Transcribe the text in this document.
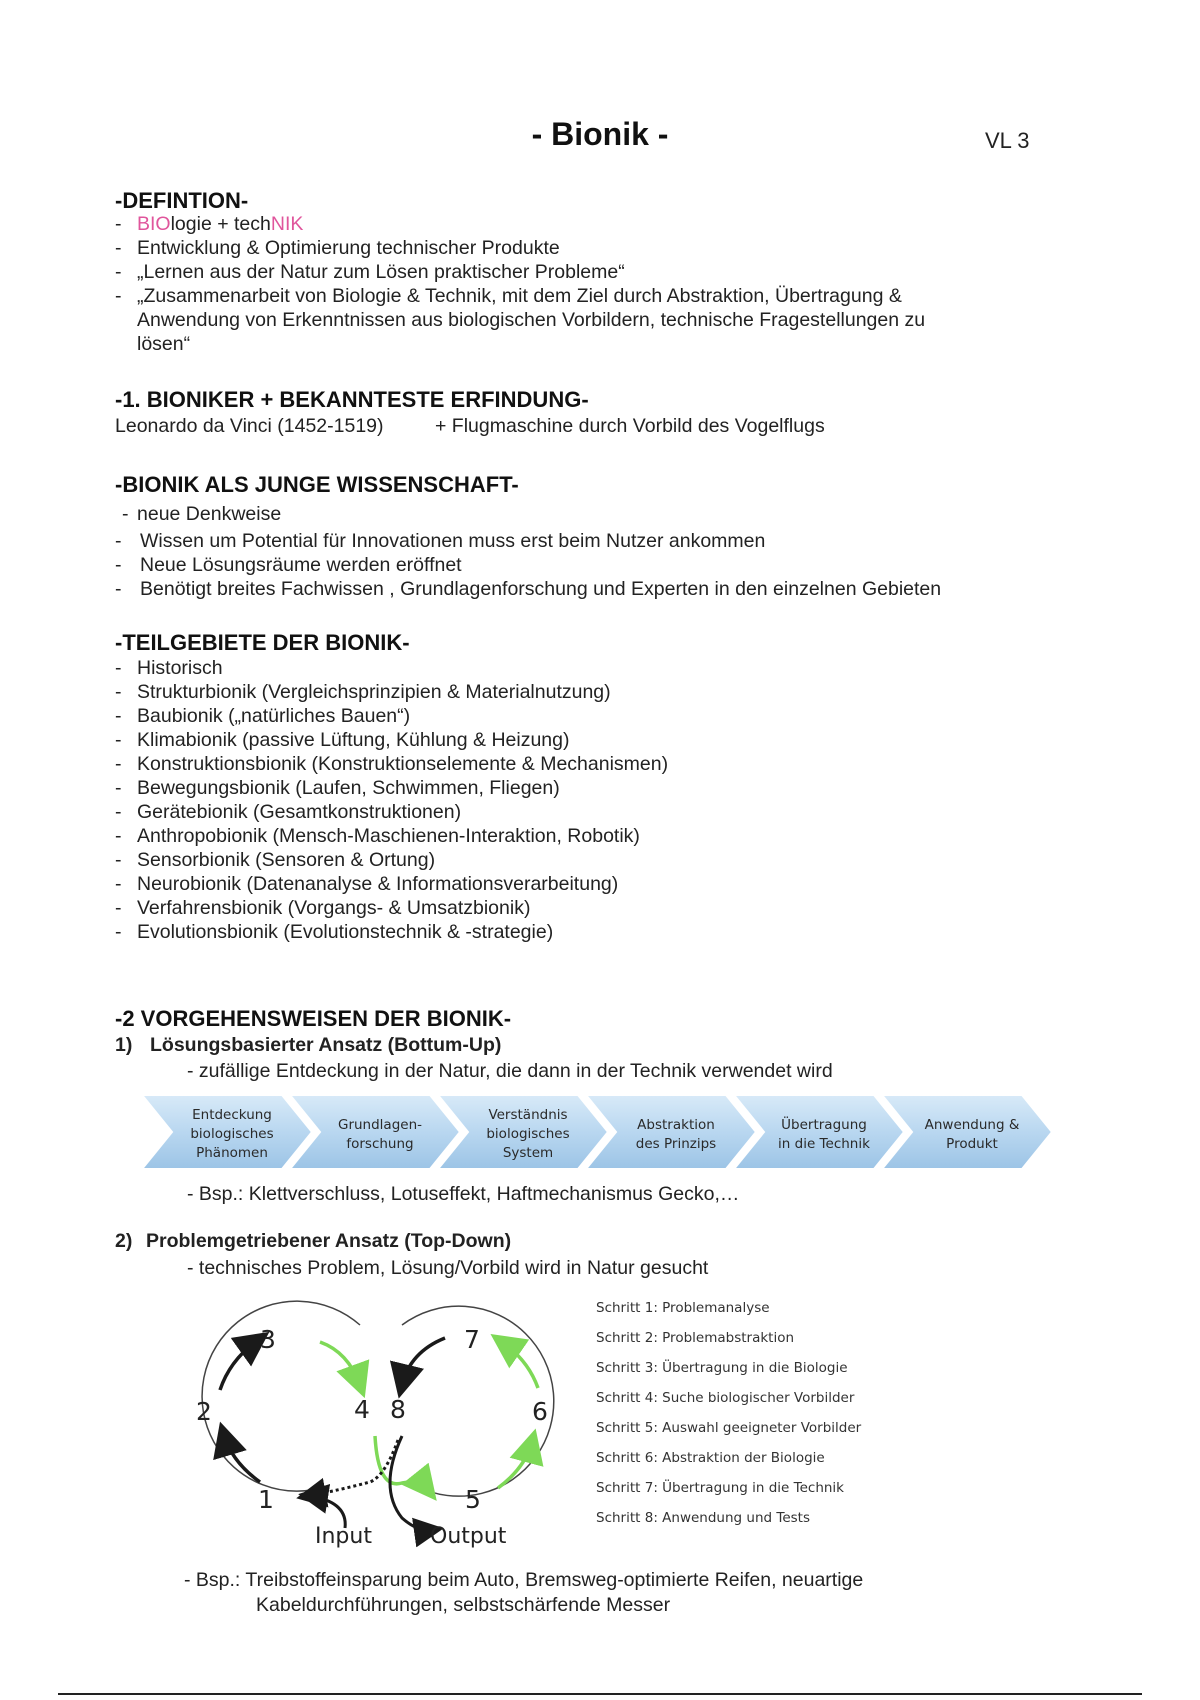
- Bionik -	VL 3
-DEFINTION-
- BIOlogie + techNIK
- Entwicklung & Optimierung technischer Produkte
- „Lernen aus der Natur zum Lösen praktischer Probleme“
- „Zusammenarbeit von Biologie & Technik, mit dem Ziel durch Abstraktion, Übertragung &
Anwendung von Erkenntnissen aus biologischen Vorbildern, technische Fragestellungen zu
lösen“
-1. BIONIKER + BEKANNTESTE ERFINDUNG-
Leonardo da Vinci (1452-1519)	+ Flugmaschine durch Vorbild des Vogelflugs
-BIONIK ALS JUNGE WISSENSCHAFT-
- neue Denkweise
- Wissen um Potential für Innovationen muss erst beim Nutzer ankommen
- Neue Lösungsräume werden eröffnet
- Benötigt breites Fachwissen , Grundlagenforschung und Experten in den einzelnen Gebieten
-TEILGEBIETE DER BIONIK-
- Historisch
- Strukturbionik (Vergleichsprinzipien & Materialnutzung)
- Baubionik („natürliches Bauen“)
- Klimabionik (passive Lüftung, Kühlung & Heizung)
- Konstruktionsbionik (Konstruktionselemente & Mechanismen)
- Bewegungsbionik (Laufen, Schwimmen, Fliegen)
- Gerätebionik (Gesamtkonstruktionen)
- Anthropobionik (Mensch-Maschienen-Interaktion, Robotik)
- Sensorbionik (Sensoren & Ortung)
- Neurobionik (Datenanalyse & Informationsverarbeitung)
- Verfahrensbionik (Vorgangs- & Umsatzbionik)
- Evolutionsbionik (Evolutionstechnik & -strategie)
-2 VORGEHENSWEISEN DER BIONIK-
1) Lösungsbasierter Ansatz (Bottum-Up)
- zufällige Entdeckung in der Natur, die dann in der Technik verwendet wird
Entdeckung
biologisches
Phänomen
Grundlagen-
forschung
Verständnis
biologisches
System
Abstraktion
des Prinzips
Übertragung
in die Technik
Anwendung &
Produkt
- Bsp.: Klettverschluss, Lotuseffekt, Haftmechanismus Gecko,…
2) Problemgetriebener Ansatz (Top-Down)
- technisches Problem, Lösung/Vorbild wird in Natur gesucht
1
2
3
4
5
6
7
8
Input	Output
Schritt 1: Problemanalyse
Schritt 2: Problemabstraktion
Schritt 3: Übertragung in die Biologie
Schritt 4: Suche biologischer Vorbilder
Schritt 5: Auswahl geeigneter Vorbilder
Schritt 6: Abstraktion der Biologie
Schritt 7: Übertragung in die Technik
Schritt 8: Anwendung und Tests
- Bsp.: Treibstoffeinsparung beim Auto, Bremsweg-optimierte Reifen, neuartige
Kabeldurchführungen, selbstschärfende Messer
